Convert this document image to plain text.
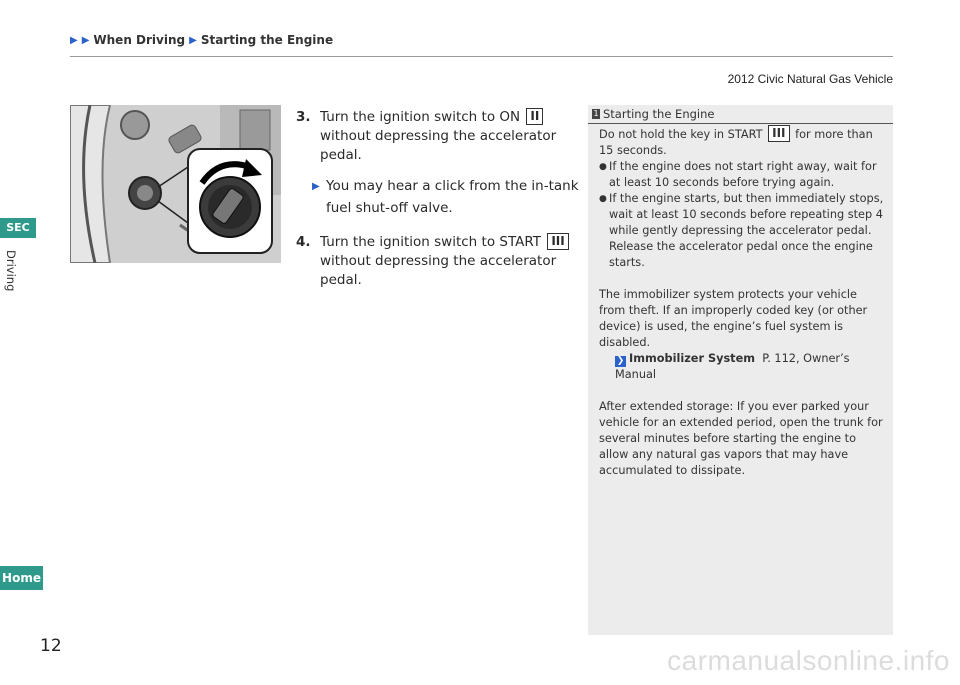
▶ ▶ When Driving ▶ Starting the Engine
2012 Civic Natural Gas Vehicle
3. Turn the ignition switch to ON II without depressing the accelerator pedal.
▶ You may hear a click from the in-tank fuel shut-off valve.
4. Turn the ignition switch to START III without depressing the accelerator pedal.
1 Starting the Engine

Do not hold the key in START III for more than 15 seconds.

● If the engine does not start right away, wait for at least 10 seconds before trying again.

● If the engine starts, but then immediately stops, wait at least 10 seconds before repeating step 4 while gently depressing the accelerator pedal. Release the accelerator pedal once the engine starts.

The immobilizer system protects your vehicle from theft. If an improperly coded key (or other device) is used, the engine’s fuel system is disabled.

❯ Immobilizer System P. 112, Owner’s Manual

After extended storage: If you ever parked your vehicle for an extended period, open the trunk for several minutes before starting the engine to allow any natural gas vapors that may have accumulated to dissipate.

SEC
Driving
Home
12	carmanualsonline.info
